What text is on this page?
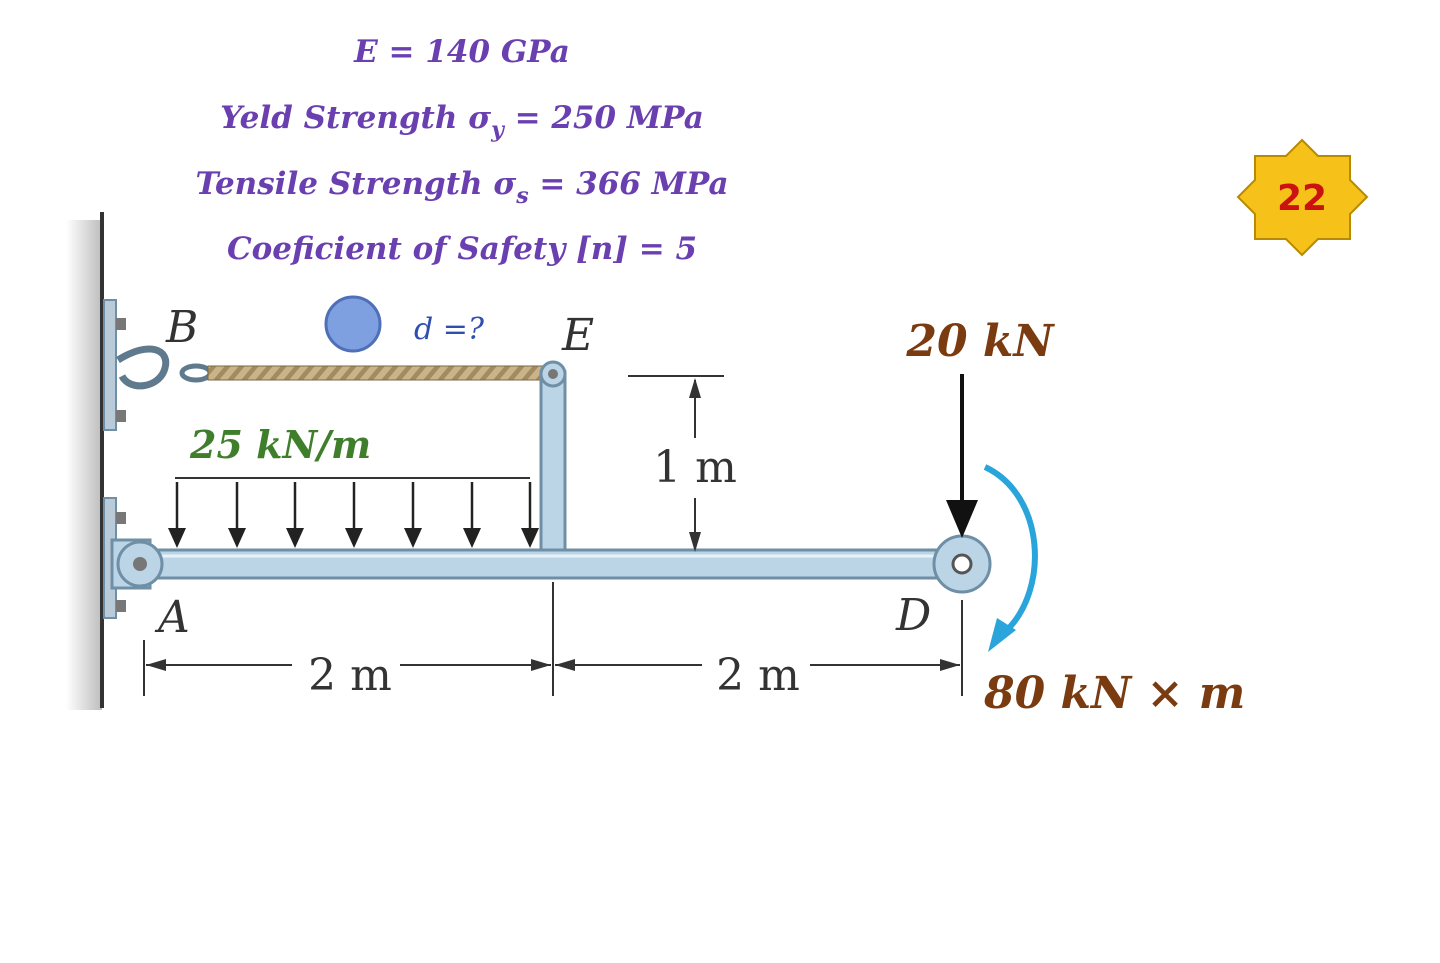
E = 140 GPa
Yeld Strength $\sigma_y = 250$ MPa
Tensile Strength $\sigma_s = 366$ MPa
Coeficient of Safety [n] = 5
22
B	E
A	D
d =?
25 kN/m
20 kN
80 kN × m
1 m
2 m	2 m
